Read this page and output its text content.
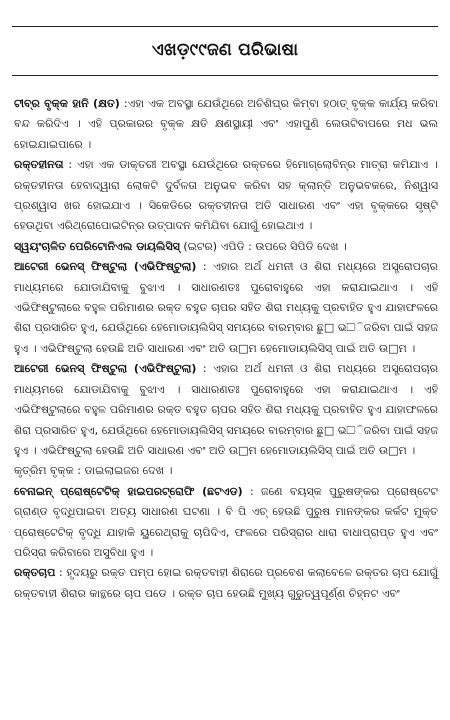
ଏଖଡ଼୯୯ଜଣ ପରିଭାଷା

ଟୀବ୍ର ବୃକ୍କ ହାନି (କ୍ଷତ) :ଏହା ଏକ ଅବସ୍ଥା ଯେଉଁଥିରେ ଅଚିଶିଘ୍ର କିମ୍ବା ହଠାତ୍ ବୃକ୍କ କାର୍ଯ୍ୟ କରିବା ବନ୍ଦ କରିଦିଏ । ଏହି ପ୍ରକାରର ବୃକ୍କ କ୍ଷତି କ୍ଷଣସ୍ଥାୟୀ ଏବଂ ଏହାପୁଣି ଲେଉଟିବାପରେ ମଧ ଭଲ ହୋଇଯାଇପାରେ ।

ରକ୍ତହୀନତା : ଏହା ଏକ ଡାକ୍ତରୀ ଅବସ୍ଥା ଯେଉଁଥିରେ ରକ୍ତରେ ହିମୋଗ୍ଲୋବିନ୍‌ର ମାତ୍ରା କମିଯାଏ । ରକ୍ତହୀନତା ହେବାଦ୍ୱାରା ଲୋକଟି ଦୁର୍ବଳତା ଅନୁଭବ କରିବା ସହ କ୍ଲାନ୍ତି ଅନୁଭବକରେ, ନିଶ୍ୱାସ ପ୍ରଶ୍ୱାସ ଖର ହୋଇଯାଏ । ସିକେଡିରେ ରକ୍ତହୀନତା ଅତି ସାଧାରଣ ଏବଂ ଏହା ବୃକ୍କରେ ସୃଷ୍ଟି ହେଉଥିବା ଏରିଥ୍ରୋପୋଇଟିନ୍‌ର ଉତ୍ପାଦନ କମିଯିବା ଯୋଗୁଁ ହୋଇଥାଏ ।

ସ୍ୱୟଂଚାଳିତ ପେରିଟୋନିଏଲ ଡାୟଲିସିସ୍ (ଇଟର) ଏପିଡି : ଉପରେ ସିପିଡି ଦେଖ ।

ଆଟେରୀ ଭେନସ୍ ଫିଷ୍ଟୁଲା (ଏଭିଫିଷ୍ଟୁଲା) : ଏହାର ଅର୍ଥ ଧମନୀ ଓ ଶିରା ମଧ୍ୟରେ ଅସ୍ତ୍ରୋପଚାର ମାଧ୍ୟମରେ ଯୋଡାଯିବାକୁ ବୁଝାଏ । ସାଧାରଣତଃ ପୁରୋବାହୁରେ ଏହା କରାଯାଇଥାଏ । ଏହି ଏଭିଫିଷ୍ଟୁଲାରେ ବହୁଳ ପରିମାଣର ରକ୍ତ ବହୁତ ଚାପର ସହିତ ଶିରା ମଧ୍ୟକୁ ପ୍ରବାହିତ ହୁଏ ଯାହାଫଳରେ ଶିରା ପ୍ରସାରିତ ହୁଏ, ଯେଉଁଥିରେ ହେମୋଡାୟଲିସିସ୍ ସମୟରେ ବାରମ୍ବାର ଛୁ□ ଭ□ିଜରିବା ପାଇଁ ସହଜ ହୁଏ । ଏଭିଫିଷ୍ଟୁଲା ହେଉଛି ଅତି ସାଧାରଣ ଏବଂ ଅତି ଉ□ମ ହେମୋଡାୟଲିସିସ୍ ପାଇଁ ଅତି ଉ□ମ ।

ଆଟେରୀ ଭେନସ୍ ଫିଷ୍ଟୁଲା (ଏଭିଫିଷ୍ଟୁଲା) : ଏହାର ଅର୍ଥ ଧମନୀ ଓ ଶିରା ମଧ୍ୟରେ ଅସ୍ତ୍ରୋପଚାର ମାଧ୍ୟମରେ ଯୋଡାଯିବାକୁ ବୁଝାଏ । ସାଧାରଣତଃ ପୁରୋବାହୁରେ ଏହା କରାଯାଇଥାଏ । ଏହି ଏଭିଫିଷ୍ଟୁଲାରେ ବହୁଳ ପରିମାଣର ରକ୍ତ ବହୁତ ଚାପର ସହିତ ଶିରା ମଧ୍ୟକୁ ପ୍ରବାହିତ ହୁଏ ଯାହାଫଳରେ ଶିରା ପ୍ରସାରିତ ହୁଏ, ଯେଉଁଥିରେ ହେମୋଡାୟଲିସିସ୍ ସମୟରେ ବାରମ୍ବାର ଛୁ□ ଭ□ିଜରିବା ପାଇଁ ସହଜ ହୁଏ । ଏଭିଫିଷ୍ଟୁଲା ହେଉଛି ଅତି ସାଧାରଣ ଏବଂ ଅତି ଉ□ମ ହେମୋଡାୟଲିସିସ୍ ପାଇଁ ଅତି ଉ□ମ ।

କୃତ୍ରିମ ବୃକ୍କ : ଡାଇଲାଇଜର ଦେଖ ।

ବେନାଇନ୍ ପ୍ରୋଷ୍ଟେଟିକ୍ ହାଇପରଟ୍ରୋଫି (ଛଟଏଡ) : ଜଣେ ବୟସ୍କ ପୁରୁଷଙ୍କର ପ୍ରୋଷ୍ଟେଟ ଗ୍ରାଣ୍ଡ ବୃଦ୍ଧିପାଇବା ଅତ୍ୟ ସାଧାରଣ ଘଟଣା । ବି ପି ଏଚ୍ ହେଉଛି ପୁରୁଷ ମାନଙ୍କର କର୍କଟ ମୁକ୍ତ ପ୍ରୋଷ୍ଟେଟିକ୍ ବୃଦ୍ଧି ଯାହାକି ୟୁରେଥ୍ରାକୁ ଚାପିଦିଏ, ଫଳରେ ପରିସ୍ରାର ଧାରା ବାଧାପ୍ରାପ୍ତ ହୁଏ ଏବଂ ପରିସ୍ରା କରିବାରେ ଅସୁବିଧା ହୁଏ ।

ରକ୍ତଚାପ : ହୃଦୟରୁ ରକ୍ତ ପମ୍ପ ହୋଇ ରକ୍ତବାହୀ ଶିରାରେ ପ୍ରବେଶ କଲାବେଳେ ରକ୍ତର ଚାପ ଯୋଗୁଁ ରକ୍ତବାହୀ ଶିରାର କାନ୍ଥରେ ଚାପ ପଡେ । ରକ୍ତ ଚାପ ହେଉଛି ମୁଖ୍ୟ ଗୁରୁତ୍ୱପୂର୍ଣ୍ଣ ଚିହ୍ନଟ ଏବଂ
